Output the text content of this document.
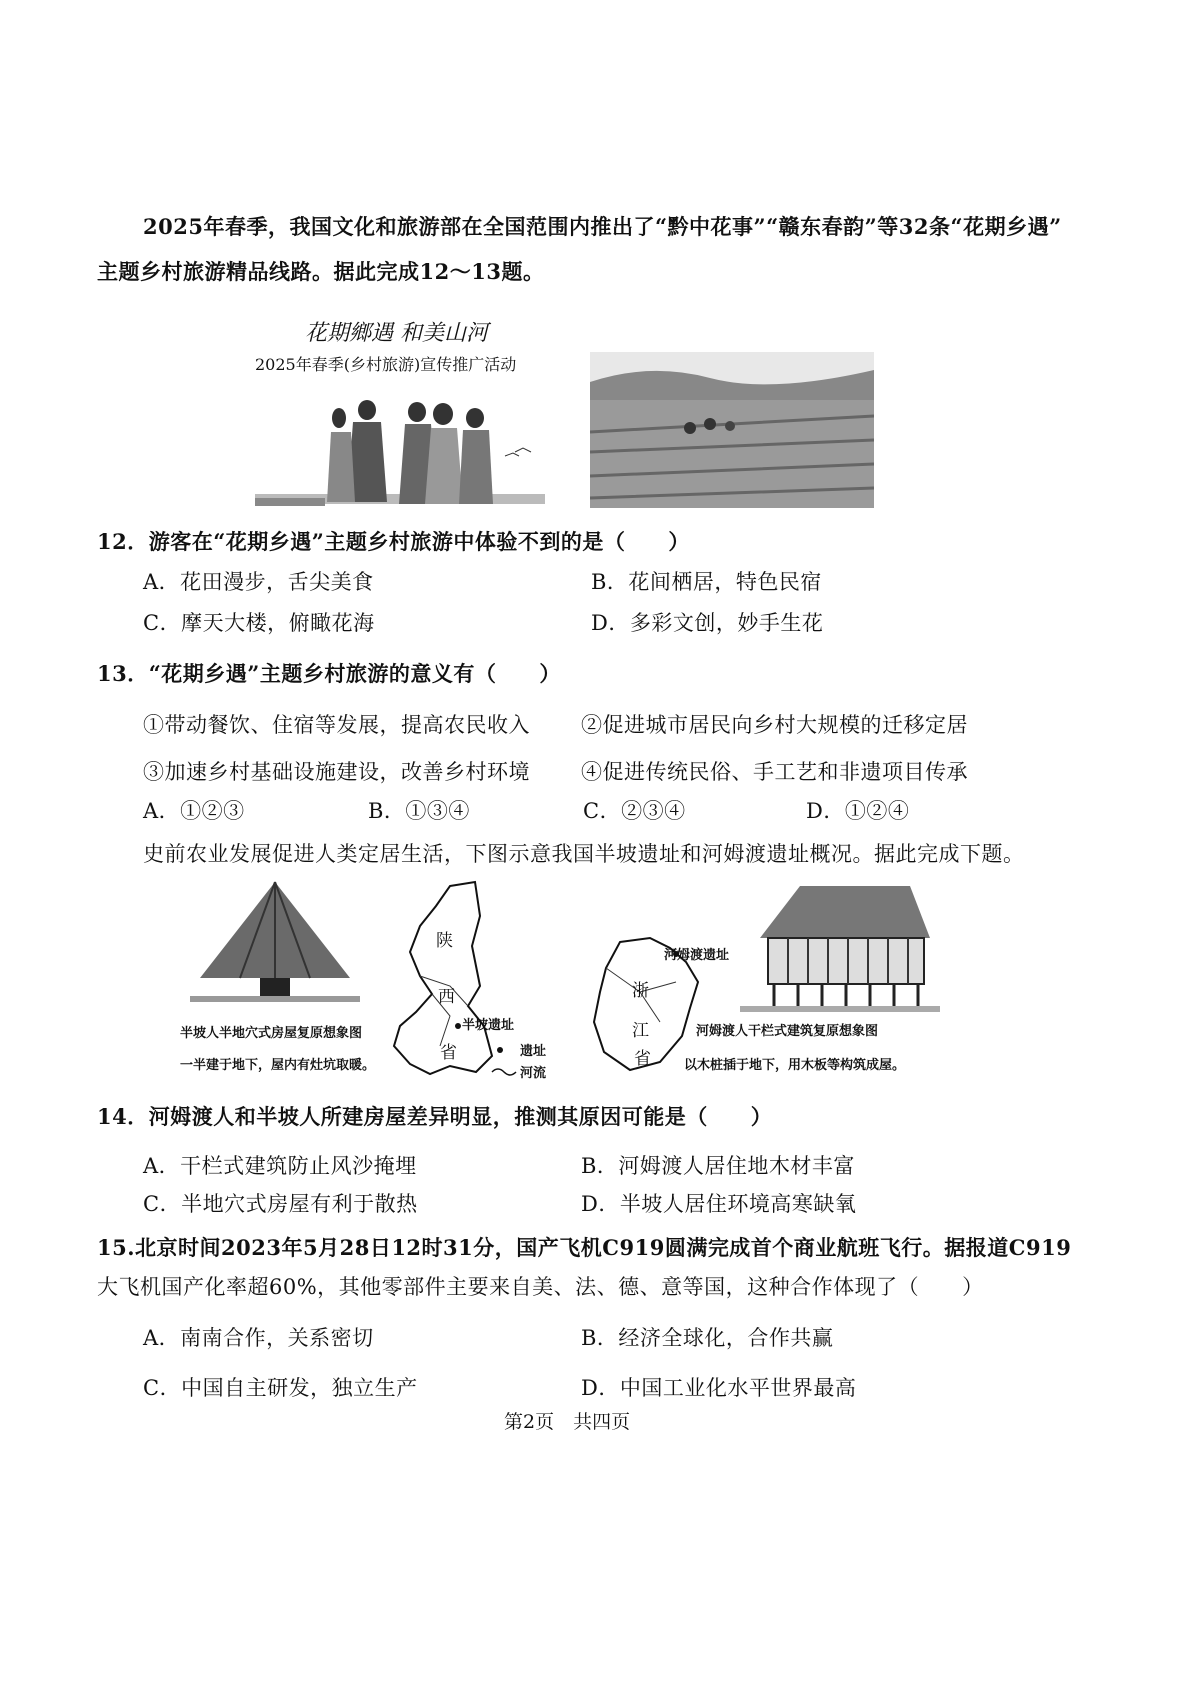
2025年春季，我国文化和旅游部在全国范围内推出了“黔中花事”“赣东春韵”等32条“花期乡遇”
主题乡村旅游精品线路。据此完成12～13题。
花期鄉遇 和美山河
2025年春季(乡村旅游)宣传推广活动
12．游客在“花期乡遇”主题乡村旅游中体验不到的是（　　）
A．花田漫步，舌尖美食	B．花间栖居，特色民宿
C．摩天大楼，俯瞰花海	D．多彩文创，妙手生花
13．“花期乡遇”主题乡村旅游的意义有（　　）
①带动餐饮、住宿等发展，提高农民收入 ②促进城市居民向乡村大规模的迁移定居
③加速乡村基础设施建设，改善乡村环境 ④促进传统民俗、手工艺和非遗项目传承
A．①②③	B．①③④	C．②③④	D．①②④
史前农业发展促进人类定居生活，下图示意我国半坡遗址和河姆渡遗址概况。据此完成下题。
半坡人半地穴式房屋复原想象图
一半建于地下，屋内有灶坑取暖。
陕
西
省
半坡遗址
遗址
河流
浙
江
省
河姆渡遗址
河姆渡人干栏式建筑复原想象图
以木桩插于地下，用木板等构筑成屋。
14．河姆渡人和半坡人所建房屋差异明显，推测其原因可能是（　　）
A．干栏式建筑防止风沙掩埋	B．河姆渡人居住地木材丰富
C．半地穴式房屋有利于散热	D．半坡人居住环境高寒缺氧
15.北京时间2023年5月28日12时31分，国产飞机C919圆满完成首个商业航班飞行。据报道C919
大飞机国产化率超60%，其他零部件主要来自美、法、德、意等国，这种合作体现了（　　）
A．南南合作，关系密切	B．经济全球化，合作共赢
C．中国自主研发，独立生产	D．中国工业化水平世界最高
第2页　共四页
